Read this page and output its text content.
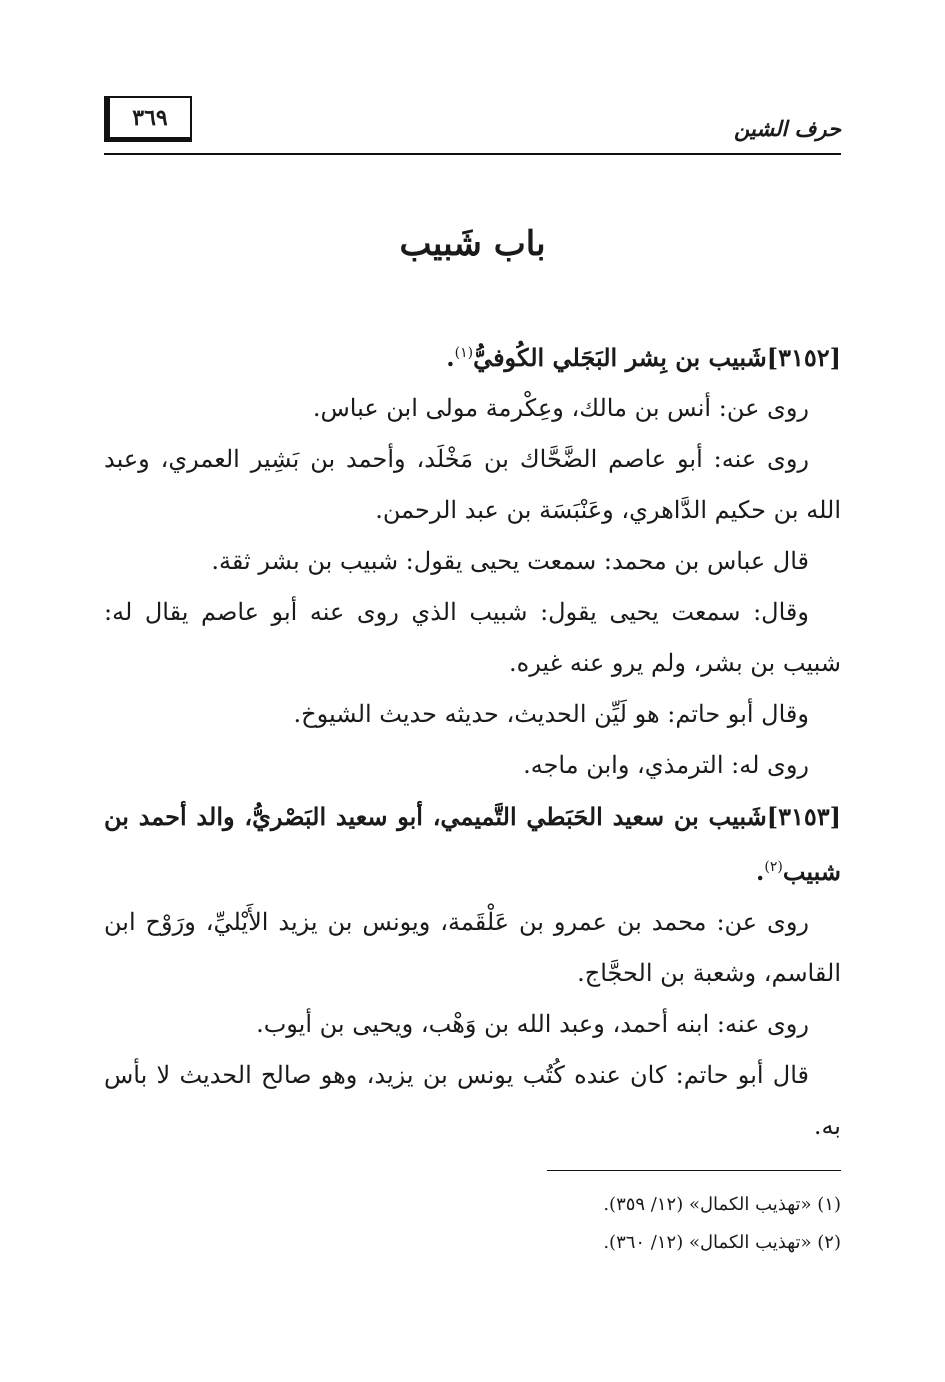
حرف الشين
٣٦٩
باب شَبيب

[٣١٥٢]شَبيب بن بِشر البَجَلي الكُوفيُّ$^{(١)}$.

روى عن: أنس بن مالك، وعِكْرمة مولى ابن عباس.

روى عنه: أبو عاصم الضَّحَّاك بن مَخْلَد، وأحمد بن بَشِير العمري، وعبد الله بن حكيم الدَّاهري، وعَنْبَسَة بن عبد الرحمن.

قال عباس بن محمد: سمعت يحيى يقول: شبيب بن بشر ثقة.

وقال: سمعت يحيى يقول: شبيب الذي روى عنه أبو عاصم يقال له: شبيب بن بشر، ولم يرو عنه غيره.

وقال أبو حاتم: هو لَيِّن الحديث، حديثه حديث الشيوخ.

روى له: الترمذي، وابن ماجه.

[٣١٥٣]شَبيب بن سعيد الحَبَطي التَّميمي، أبو سعيد البَصْريُّ، والد أحمد بن شبيب$^{(٢)}$.

روى عن: محمد بن عمرو بن عَلْقَمة، ويونس بن يزيد الأَيْليِّ، ورَوْح ابن القاسم، وشعبة بن الحجَّاج.

روى عنه: ابنه أحمد، وعبد الله بن وَهْب، ويحيى بن أيوب.

قال أبو حاتم: كان عنده كُتُب يونس بن يزيد، وهو صالح الحديث لا بأس به.

(١) «تهذيب الكمال» (١٢/ ٣٥٩).

(٢) «تهذيب الكمال» (١٢/ ٣٦٠).
